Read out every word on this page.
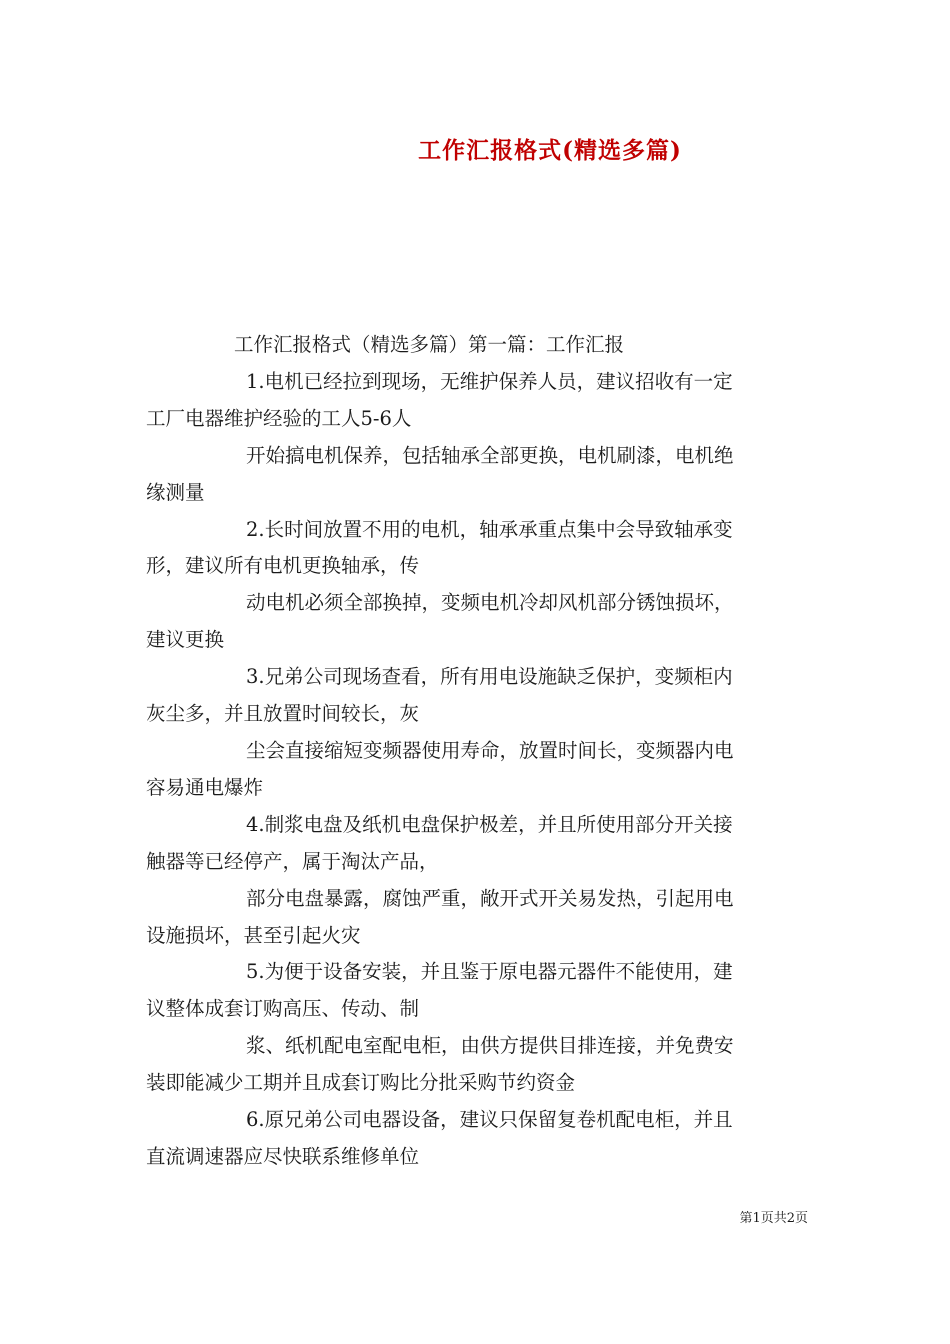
工作汇报格式(精选多篇)

工作汇报格式（精选多篇）第一篇：工作汇报

1.电机已经拉到现场，无维护保养人员，建议招收有一定
工厂电器维护经验的工人5-6人

开始搞电机保养，包括轴承全部更换，电机刷漆，电机绝
缘测量

2.长时间放置不用的电机，轴承承重点集中会导致轴承变
形，建议所有电机更换轴承，传

动电机必须全部换掉，变频电机冷却风机部分锈蚀损坏，
建议更换

3.兄弟公司现场查看，所有用电设施缺乏保护，变频柜内
灰尘多，并且放置时间较长，灰

尘会直接缩短变频器使用寿命，放置时间长，变频器内电
容易通电爆炸

4.制浆电盘及纸机电盘保护极差，并且所使用部分开关接
触器等已经停产，属于淘汰产品，

部分电盘暴露，腐蚀严重，敞开式开关易发热，引起用电
设施损坏，甚至引起火灾

5.为便于设备安装，并且鉴于原电器元器件不能使用，建
议整体成套订购高压、传动、制

浆、纸机配电室配电柜，由供方提供目排连接，并免费安
装即能减少工期并且成套订购比分批采购节约资金

6.原兄弟公司电器设备，建议只保留复卷机配电柜，并且
直流调速器应尽快联系维修单位

第1页共2页
